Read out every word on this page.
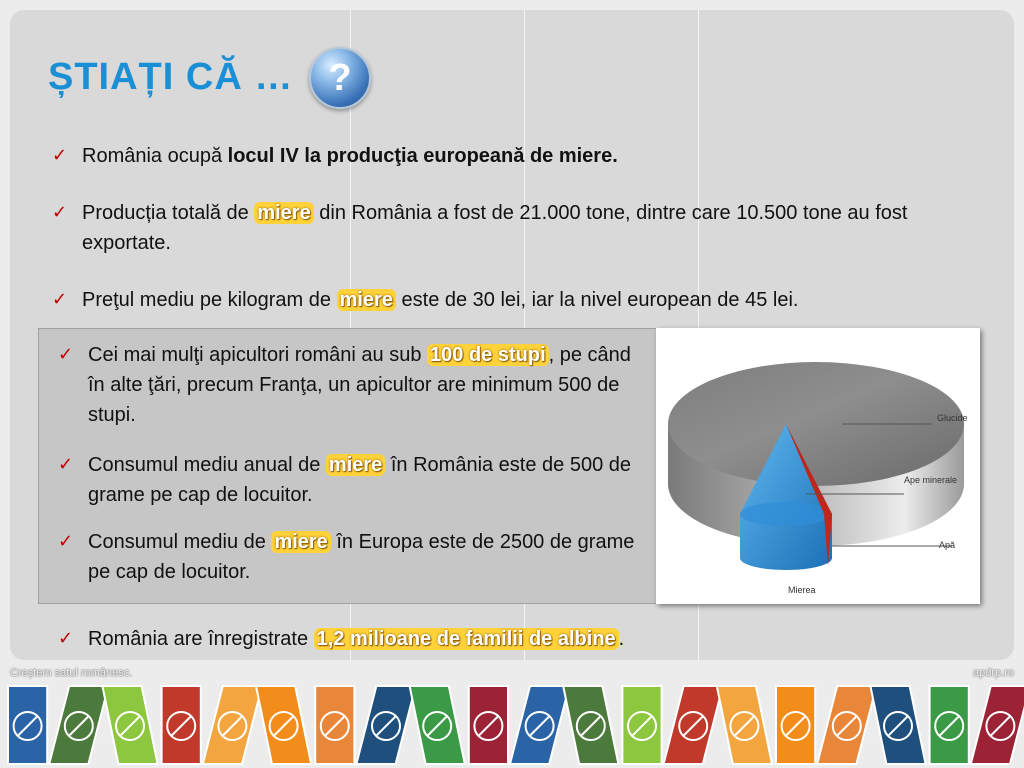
ȘTIAȚI CĂ … ?
✓ România ocupă locul IV la producţia europeană de miere.
✓ Producția totală de miere din România a fost de 21.000 tone, dintre care 10.500 tone au fost exportate.
✓ Preţul mediu pe kilogram de miere este de 30 lei, iar la nivel european de 45 lei.
✓ Cei mai mulţi apicultori români au sub 100 de stupi , pe când în alte ţări, precum Franţa, un apicultor are minimum 500 de stupi.
✓ Consumul mediu anual de miere în România este de 500 de grame pe cap de locuitor.
✓ Consumul mediu de miere în Europa este de 2500 de grame pe cap de locuitor.
Glucide
Ape minerale
Apă
Mierea
✓ România are înregistrate 1,2 milioane de familii de albine .
Creștem satul românesc.	apdrp.ro
